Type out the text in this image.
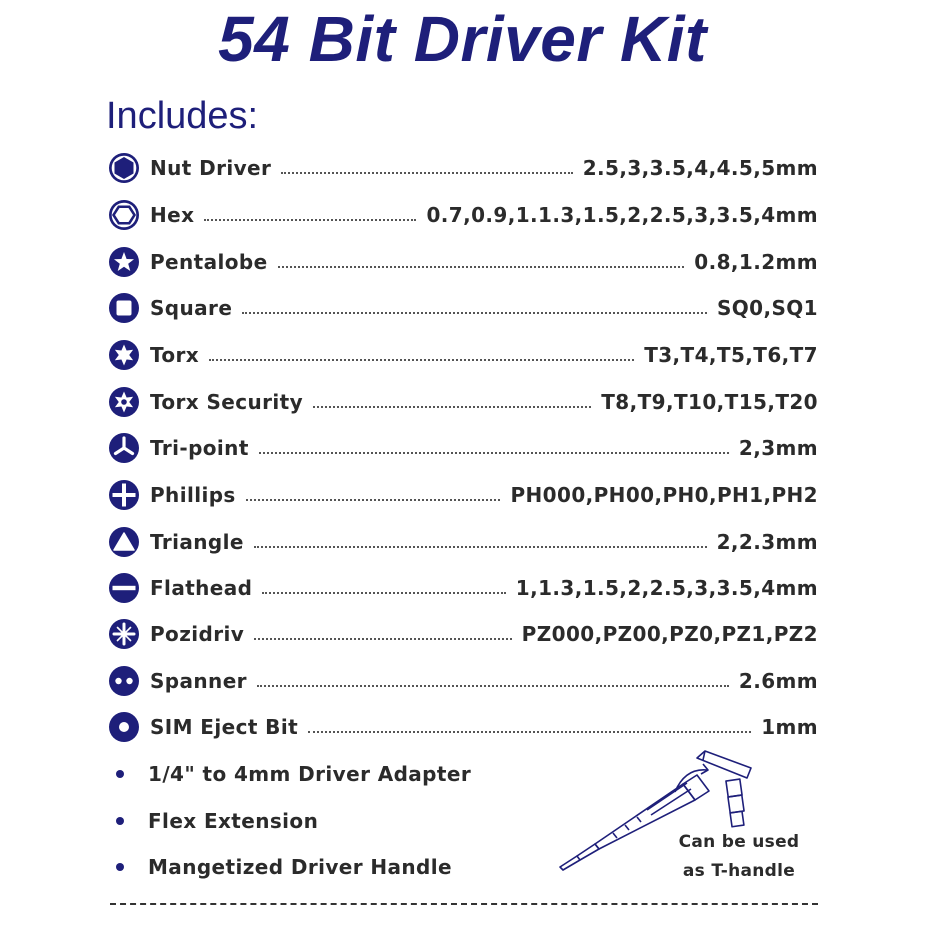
54 Bit Driver Kit
Includes:
Nut Driver	2.5,3,3.5,4,4.5,5mm
Hex	0.7,0.9,1.1.3,1.5,2,2.5,3,3.5,4mm
Pentalobe	0.8,1.2mm
Square	SQ0,SQ1
Torx	T3,T4,T5,T6,T7
Torx Security	T8,T9,T10,T15,T20
Tri-point	2,3mm
Phillips	PH000,PH00,PH0,PH1,PH2
Triangle	2,2.3mm
Flathead	1,1.3,1.5,2,2.5,3,3.5,4mm
Pozidriv	PZ000,PZ00,PZ0,PZ1,PZ2
Spanner	2.6mm
SIM Eject Bit	1mm
1/4" to 4mm Driver Adapter
Flex Extension
Mangetized Driver Handle
Can be used
as T-handle
